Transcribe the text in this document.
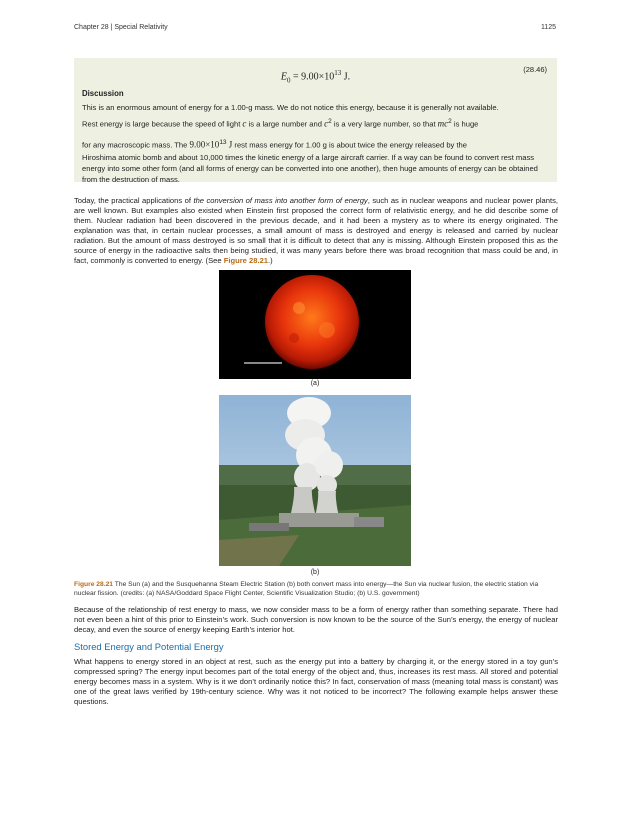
Chapter 28 | Special Relativity	1125
$E_0 = 9.00\times 10^{13}$ J.
(28.46)
Discussion
This is an enormous amount of energy for a 1.00-g mass. We do not notice this energy, because it is generally not available.
Rest energy is large because the speed of light c is a large number and $c^2$ is a very large number, so that $mc^2$ is huge
for any macroscopic mass. The $9.00\times 10^{13}$ J rest mass energy for 1.00 g is about twice the energy released by the
Hiroshima atomic bomb and about 10,000 times the kinetic energy of a large aircraft carrier. If a way can be found to convert rest mass energy into some other form (and all forms of energy can be converted into one another), then huge amounts of energy can be obtained from the destruction of mass.
Today, the practical applications of the conversion of mass into another form of energy, such as in nuclear weapons and nuclear power plants, are well known. But examples also existed when Einstein first proposed the correct form of relativistic energy, and he did describe some of them. Nuclear radiation had been discovered in the previous decade, and it had been a mystery as to where its energy originated. The explanation was that, in certain nuclear processes, a small amount of mass is destroyed and energy is released and carried by nuclear radiation. But the amount of mass destroyed is so small that it is difficult to detect that any is missing. Although Einstein proposed this as the source of energy in the radioactive salts then being studied, it was many years before there was broad recognition that mass could be and, in fact, commonly is converted to energy. (See Figure 28.21.)
(a)
(b)
Figure 28.21 The Sun (a) and the Susquehanna Steam Electric Station (b) both convert mass into energy—the Sun via nuclear fusion, the electric station via nuclear fission. (credits: (a) NASA/Goddard Space Flight Center, Scientific Visualization Studio; (b) U.S. government)
Because of the relationship of rest energy to mass, we now consider mass to be a form of energy rather than something separate. There had not even been a hint of this prior to Einstein’s work. Such conversion is now known to be the source of the Sun’s energy, the energy of nuclear decay, and even the source of energy keeping Earth’s interior hot.
Stored Energy and Potential Energy
What happens to energy stored in an object at rest, such as the energy put into a battery by charging it, or the energy stored in a toy gun’s compressed spring? The energy input becomes part of the total energy of the object and, thus, increases its rest mass. All stored and potential energy becomes mass in a system. Why is it we don’t ordinarily notice this? In fact, conservation of mass (meaning total mass is constant) was one of the great laws verified by 19th-century science. Why was it not noticed to be incorrect? The following example helps answer these questions.
